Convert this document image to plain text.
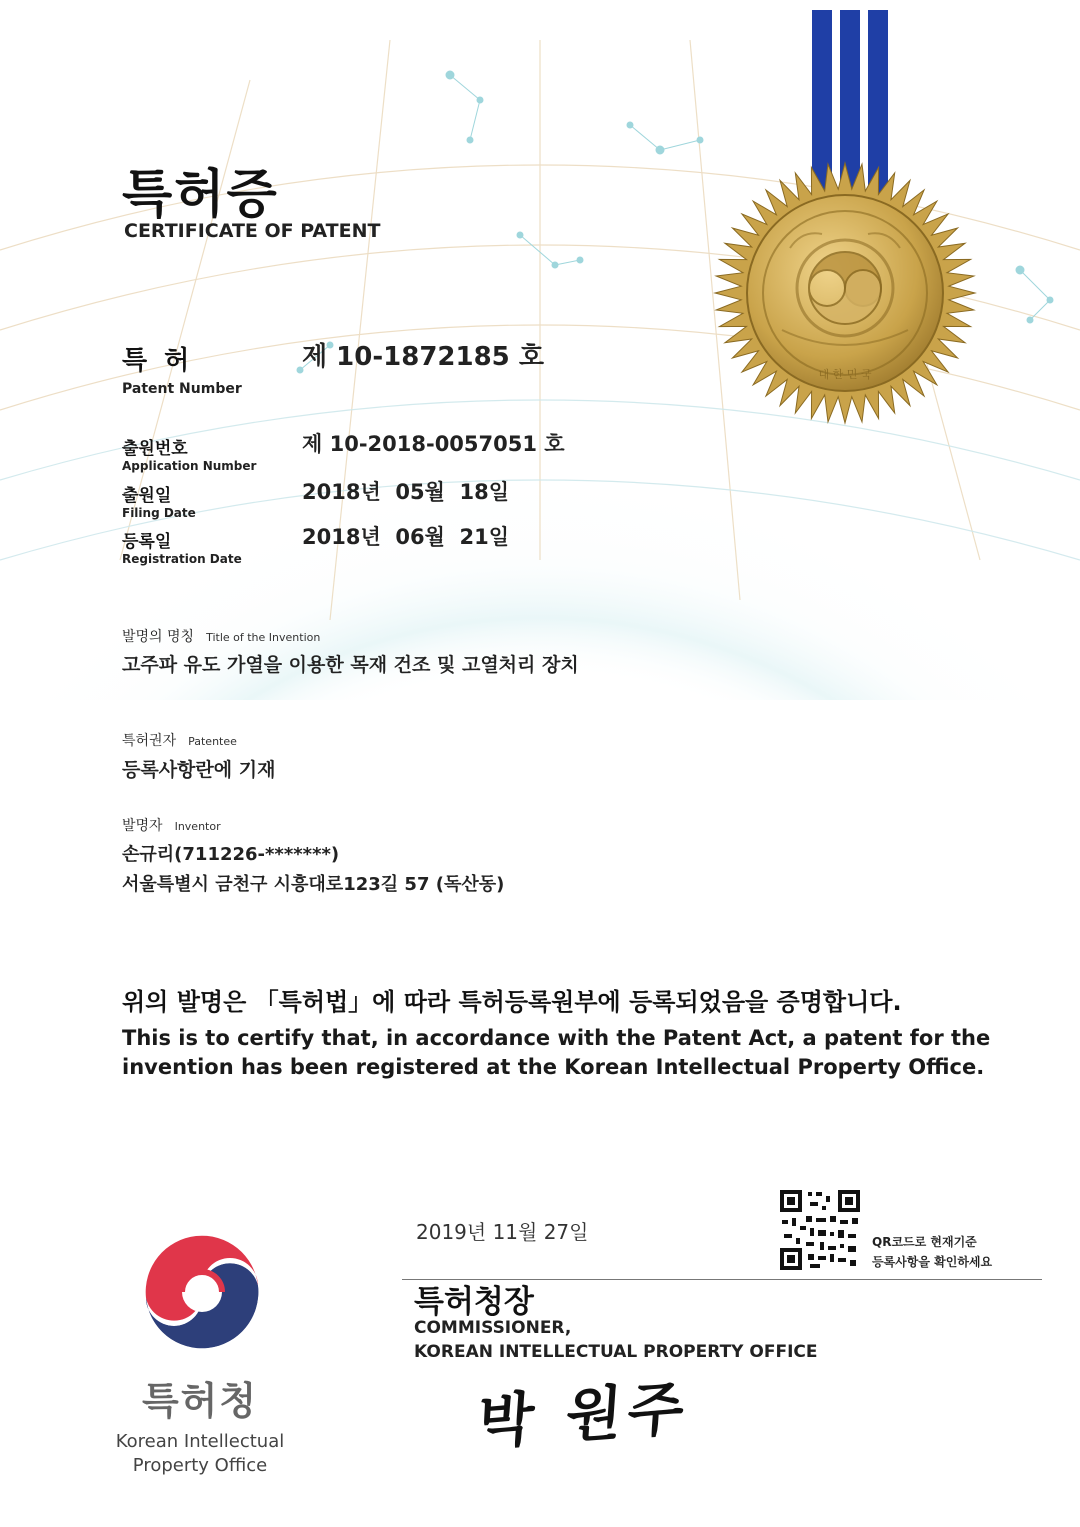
대 한 민 국
특허증
CERTIFICATE OF PATENT
특 허
Patent Number
제 10-1872185 호
출원번호
Application Number
제 10-2018-0057051 호
출원일
Filing Date
2018년  05월  18일
등록일
Registration Date
2018년  06월  21일
발명의 명칭 Title of the Invention
고주파 유도 가열을 이용한 목재 건조 및 고열처리 장치
특허권자 Patentee
등록사항란에 기재
발명자 Inventor
손규리(711226-*******)
서울특별시 금천구 시흥대로123길 57 (독산동)
위의 발명은 「특허법」에 따라 특허등록원부에 등록되었음을 증명합니다.
This is to certify that, in accordance with the Patent Act, a patent for the invention has been registered at the Korean Intellectual Property Office.
2019년 11월 27일	QR코드로 현재기준
등록사항을 확인하세요
특허청장
COMMISSIONER,
KOREAN INTELLECTUAL PROPERTY OFFICE
박 원주
특허청
Korean Intellectual
Property Office
